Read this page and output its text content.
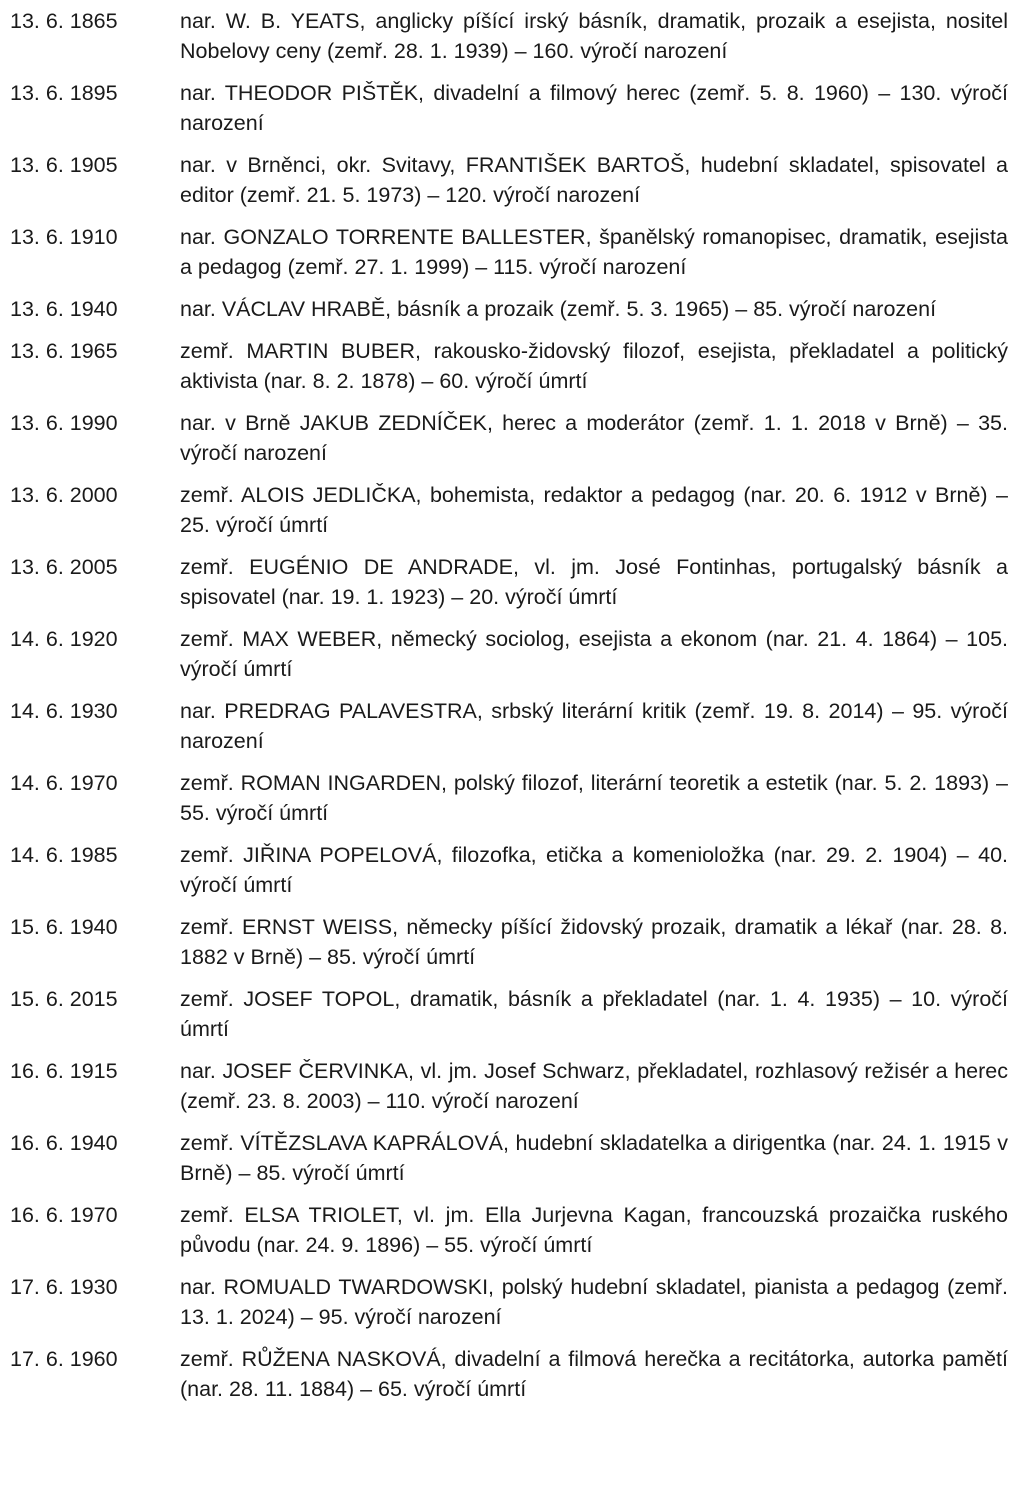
13. 6. 1865	nar. W. B. YEATS, anglicky píšící irský básník, dramatik, prozaik a esejista, nositel Nobelovy ceny (zemř. 28. 1. 1939) – 160. výročí narození
13. 6. 1895	nar. THEODOR PIŠTĚK, divadelní a filmový herec (zemř. 5. 8. 1960) – 130. výročí narození
13. 6. 1905	nar. v Brněnci, okr. Svitavy, FRANTIŠEK BARTOŠ, hudební skladatel, spisovatel a editor (zemř. 21. 5. 1973) – 120. výročí narození
13. 6. 1910	nar. GONZALO TORRENTE BALLESTER, španělský romanopisec, dramatik, esejista a pedagog (zemř. 27. 1. 1999) – 115. výročí narození
13. 6. 1940	nar. VÁCLAV HRABĚ, básník a prozaik (zemř. 5. 3. 1965) – 85. výročí narození
13. 6. 1965	zemř. MARTIN BUBER, rakousko-židovský filozof, esejista, překladatel a politický aktivista (nar. 8. 2. 1878) – 60. výročí úmrtí
13. 6. 1990	nar. v Brně JAKUB ZEDNÍČEK, herec a moderátor (zemř. 1. 1. 2018 v Brně) – 35. výročí narození
13. 6. 2000	zemř. ALOIS JEDLIČKA, bohemista, redaktor a pedagog (nar. 20. 6. 1912 v Brně) – 25. výročí úmrtí
13. 6. 2005	zemř. EUGÉNIO DE ANDRADE, vl. jm. José Fontinhas, portugalský básník a spisovatel (nar. 19. 1. 1923) – 20. výročí úmrtí
14. 6. 1920	zemř. MAX WEBER, německý sociolog, esejista a ekonom (nar. 21. 4. 1864) – 105. výročí úmrtí
14. 6. 1930	nar. PREDRAG PALAVESTRA, srbský literární kritik (zemř. 19. 8. 2014) – 95. výročí narození
14. 6. 1970	zemř. ROMAN INGARDEN, polský filozof, literární teoretik a estetik (nar. 5. 2. 1893) – 55. výročí úmrtí
14. 6. 1985	zemř. JIŘINA POPELOVÁ, filozofka, etička a komenioložka (nar. 29. 2. 1904) – 40. výročí úmrtí
15. 6. 1940	zemř. ERNST WEISS, německy píšící židovský prozaik, dramatik a lékař (nar. 28. 8. 1882 v Brně) – 85. výročí úmrtí
15. 6. 2015	zemř. JOSEF TOPOL, dramatik, básník a překladatel (nar. 1. 4. 1935) – 10. výročí úmrtí
16. 6. 1915	nar. JOSEF ČERVINKA, vl. jm. Josef Schwarz, překladatel, rozhlasový režisér a herec (zemř. 23. 8. 2003) – 110. výročí narození
16. 6. 1940	zemř. VÍTĚZSLAVA KAPRÁLOVÁ, hudební skladatelka a dirigentka (nar. 24. 1. 1915 v Brně) – 85. výročí úmrtí
16. 6. 1970	zemř. ELSA TRIOLET, vl. jm. Ella Jurjevna Kagan, francouzská prozaička ruského původu (nar. 24. 9. 1896) – 55. výročí úmrtí
17. 6. 1930	nar. ROMUALD TWARDOWSKI, polský hudební skladatel, pianista a pedagog (zemř. 13. 1. 2024) – 95. výročí narození
17. 6. 1960	zemř. RŮŽENA NASKOVÁ, divadelní a filmová herečka a recitátorka, autorka pamětí (nar. 28. 11. 1884) – 65. výročí úmrtí
